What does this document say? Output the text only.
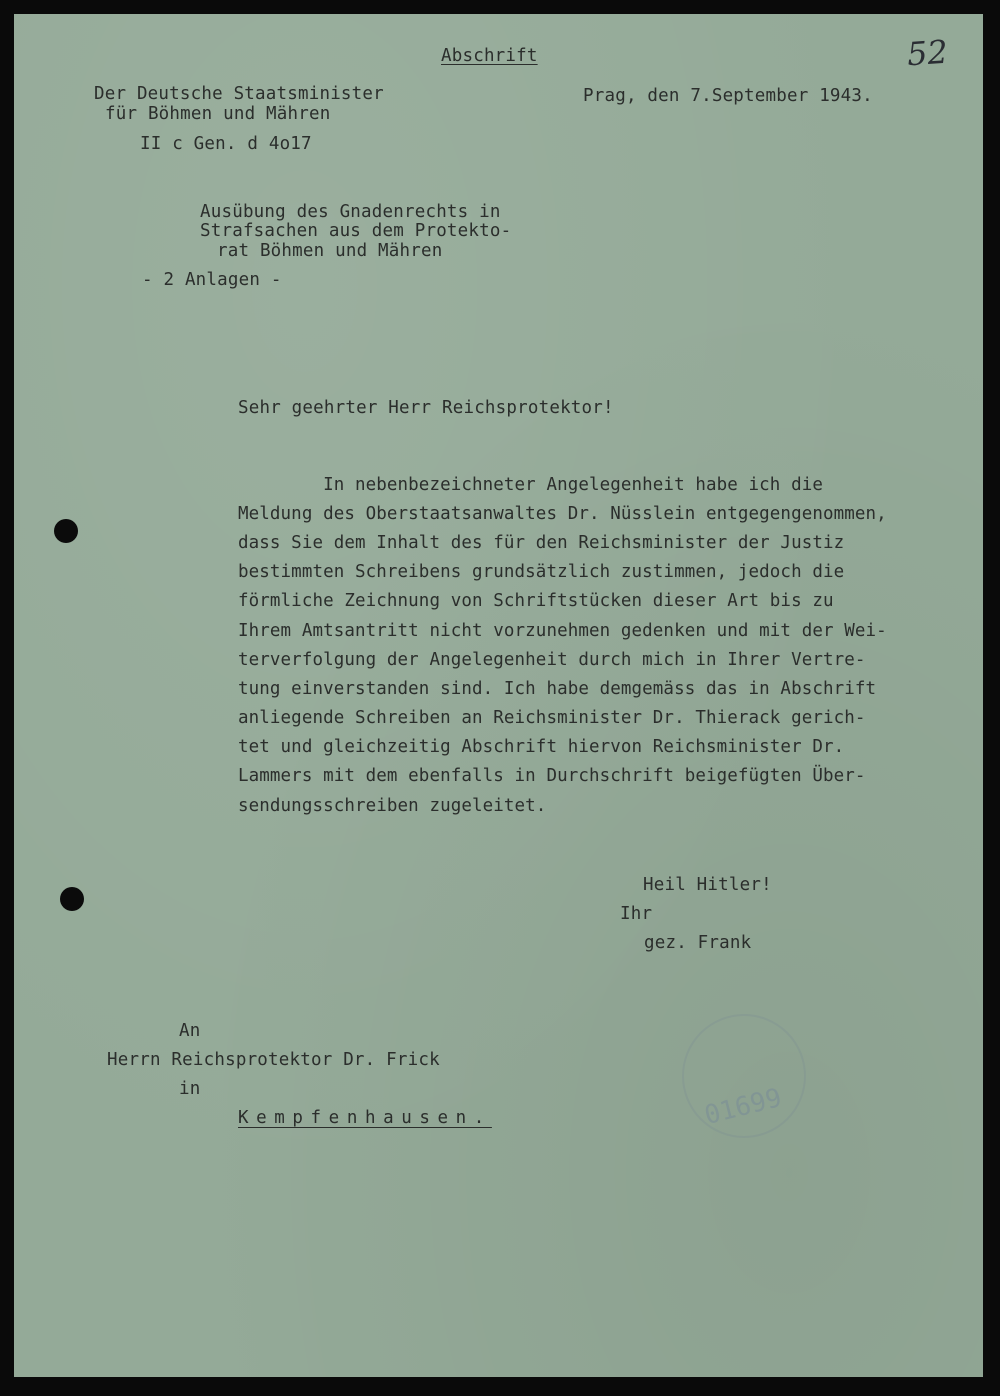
52
Abschrift
Der Deutsche Staatsminister
für Böhmen und Mähren
II c Gen. d 4o17
Prag, den 7.September 1943.
Ausübung des Gnadenrechts in
Strafsachen aus dem Protekto-
rat Böhmen und Mähren
- 2 Anlagen -
Sehr geehrter Herr Reichsprotektor!
In nebenbezeichneter Angelegenheit habe ich die
Meldung des Oberstaatsanwaltes Dr. Nüsslein entgegengenommen,
dass Sie dem Inhalt des für den Reichsminister der Justiz
bestimmten Schreibens grundsätzlich zustimmen, jedoch die
förmliche Zeichnung von Schriftstücken dieser Art bis zu
Ihrem Amtsantritt nicht vorzunehmen gedenken und mit der Wei-
terverfolgung der Angelegenheit durch mich in Ihrer Vertre-
tung einverstanden sind. Ich habe demgemäss das in Abschrift
anliegende Schreiben an Reichsminister Dr. Thierack gerich-
tet und gleichzeitig Abschrift hiervon Reichsminister Dr.
Lammers mit dem ebenfalls in Durchschrift beigefügten Über-
sendungsschreiben zugeleitet.
Heil Hitler!
Ihr
gez. Frank
An
Herrn Reichsprotektor Dr. Frick
in
Kempfenhausen.	01699
